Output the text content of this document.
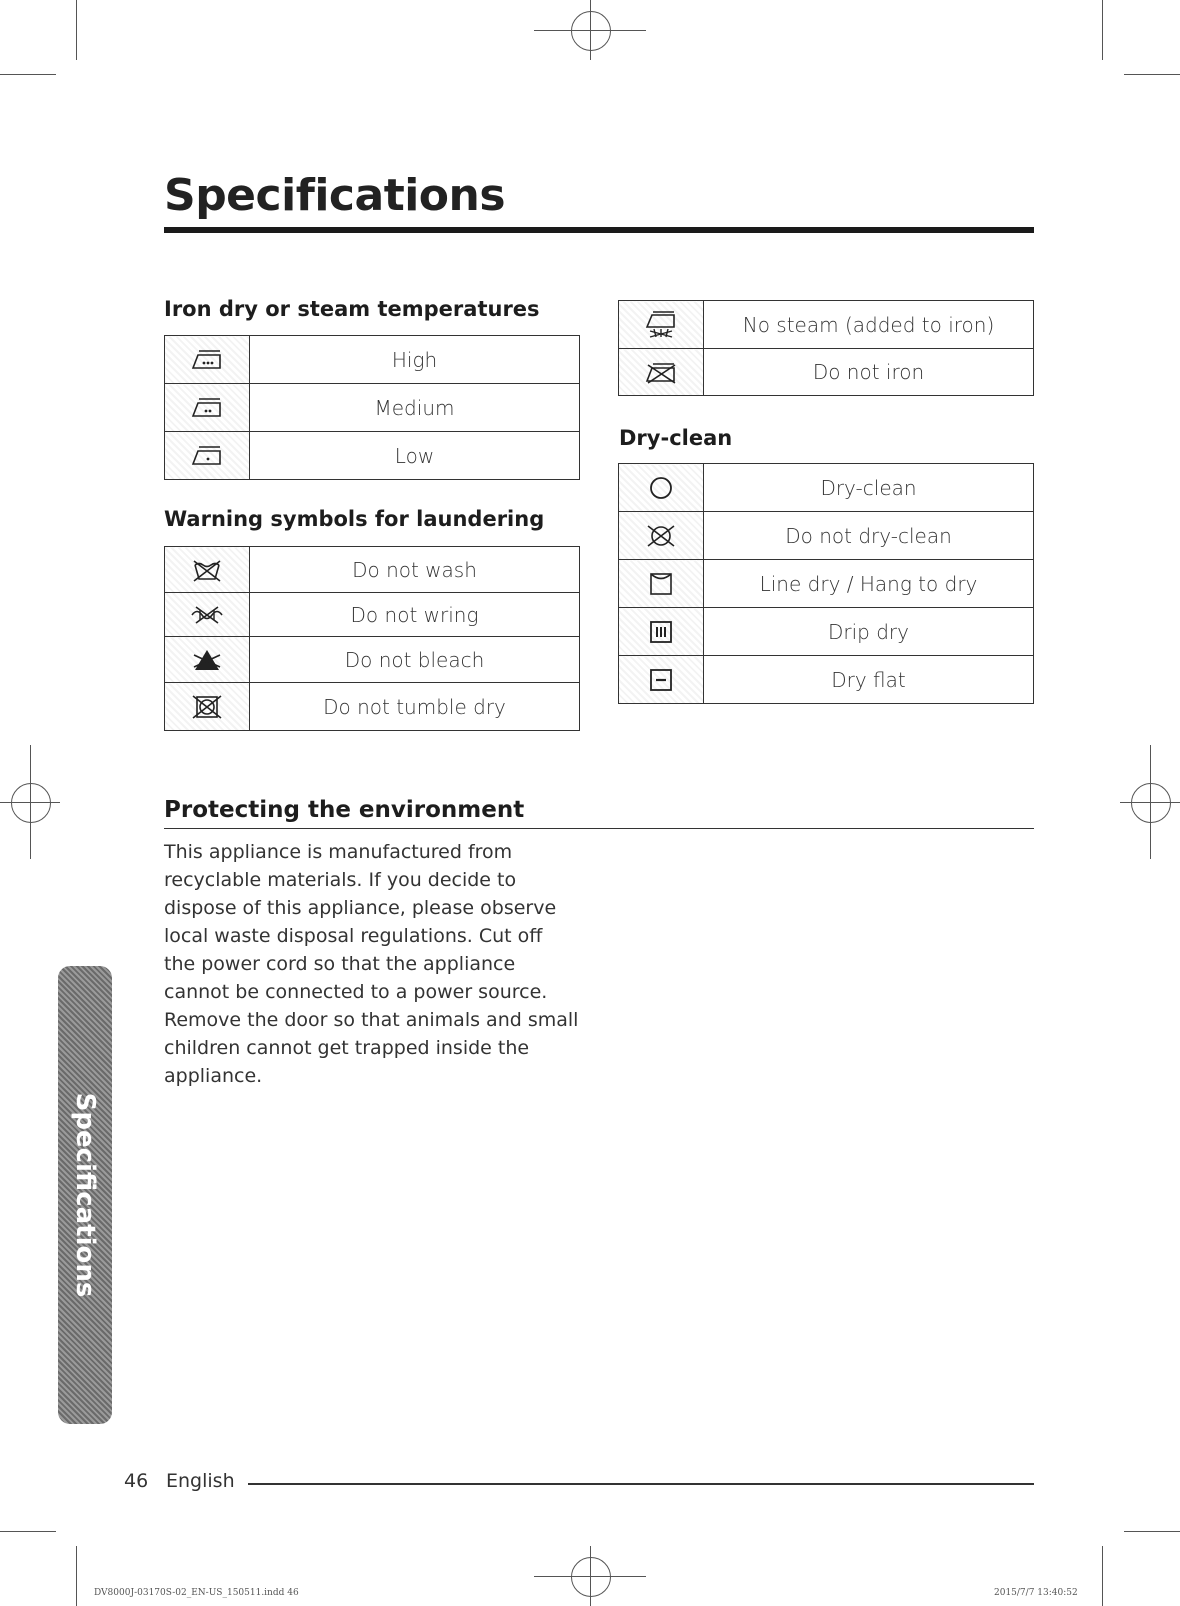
Specifications
Iron dry or steam temperatures
	High

	Medium

	Low
Warning symbols for laundering
	Do not wash

	Do not wring

	Do not bleach

	Do not tumble dry
	No steam (added to iron)

	Do not iron
Dry-clean
	Dry-clean

	Do not dry-clean

	Line dry / Hang to dry

	Drip dry

	Dry flat
Protecting the environment
This appliance is manufactured from
recyclable materials. If you decide to
dispose of this appliance, please observe
local waste disposal regulations. Cut off
the power cord so that the appliance
cannot be connected to a power source.
Remove the door so that animals and small
children cannot get trapped inside the
appliance.
Specifications
46 English
DV8000J-03170S-02_EN-US_150511.indd 46	2015/7/7 13:40:52
